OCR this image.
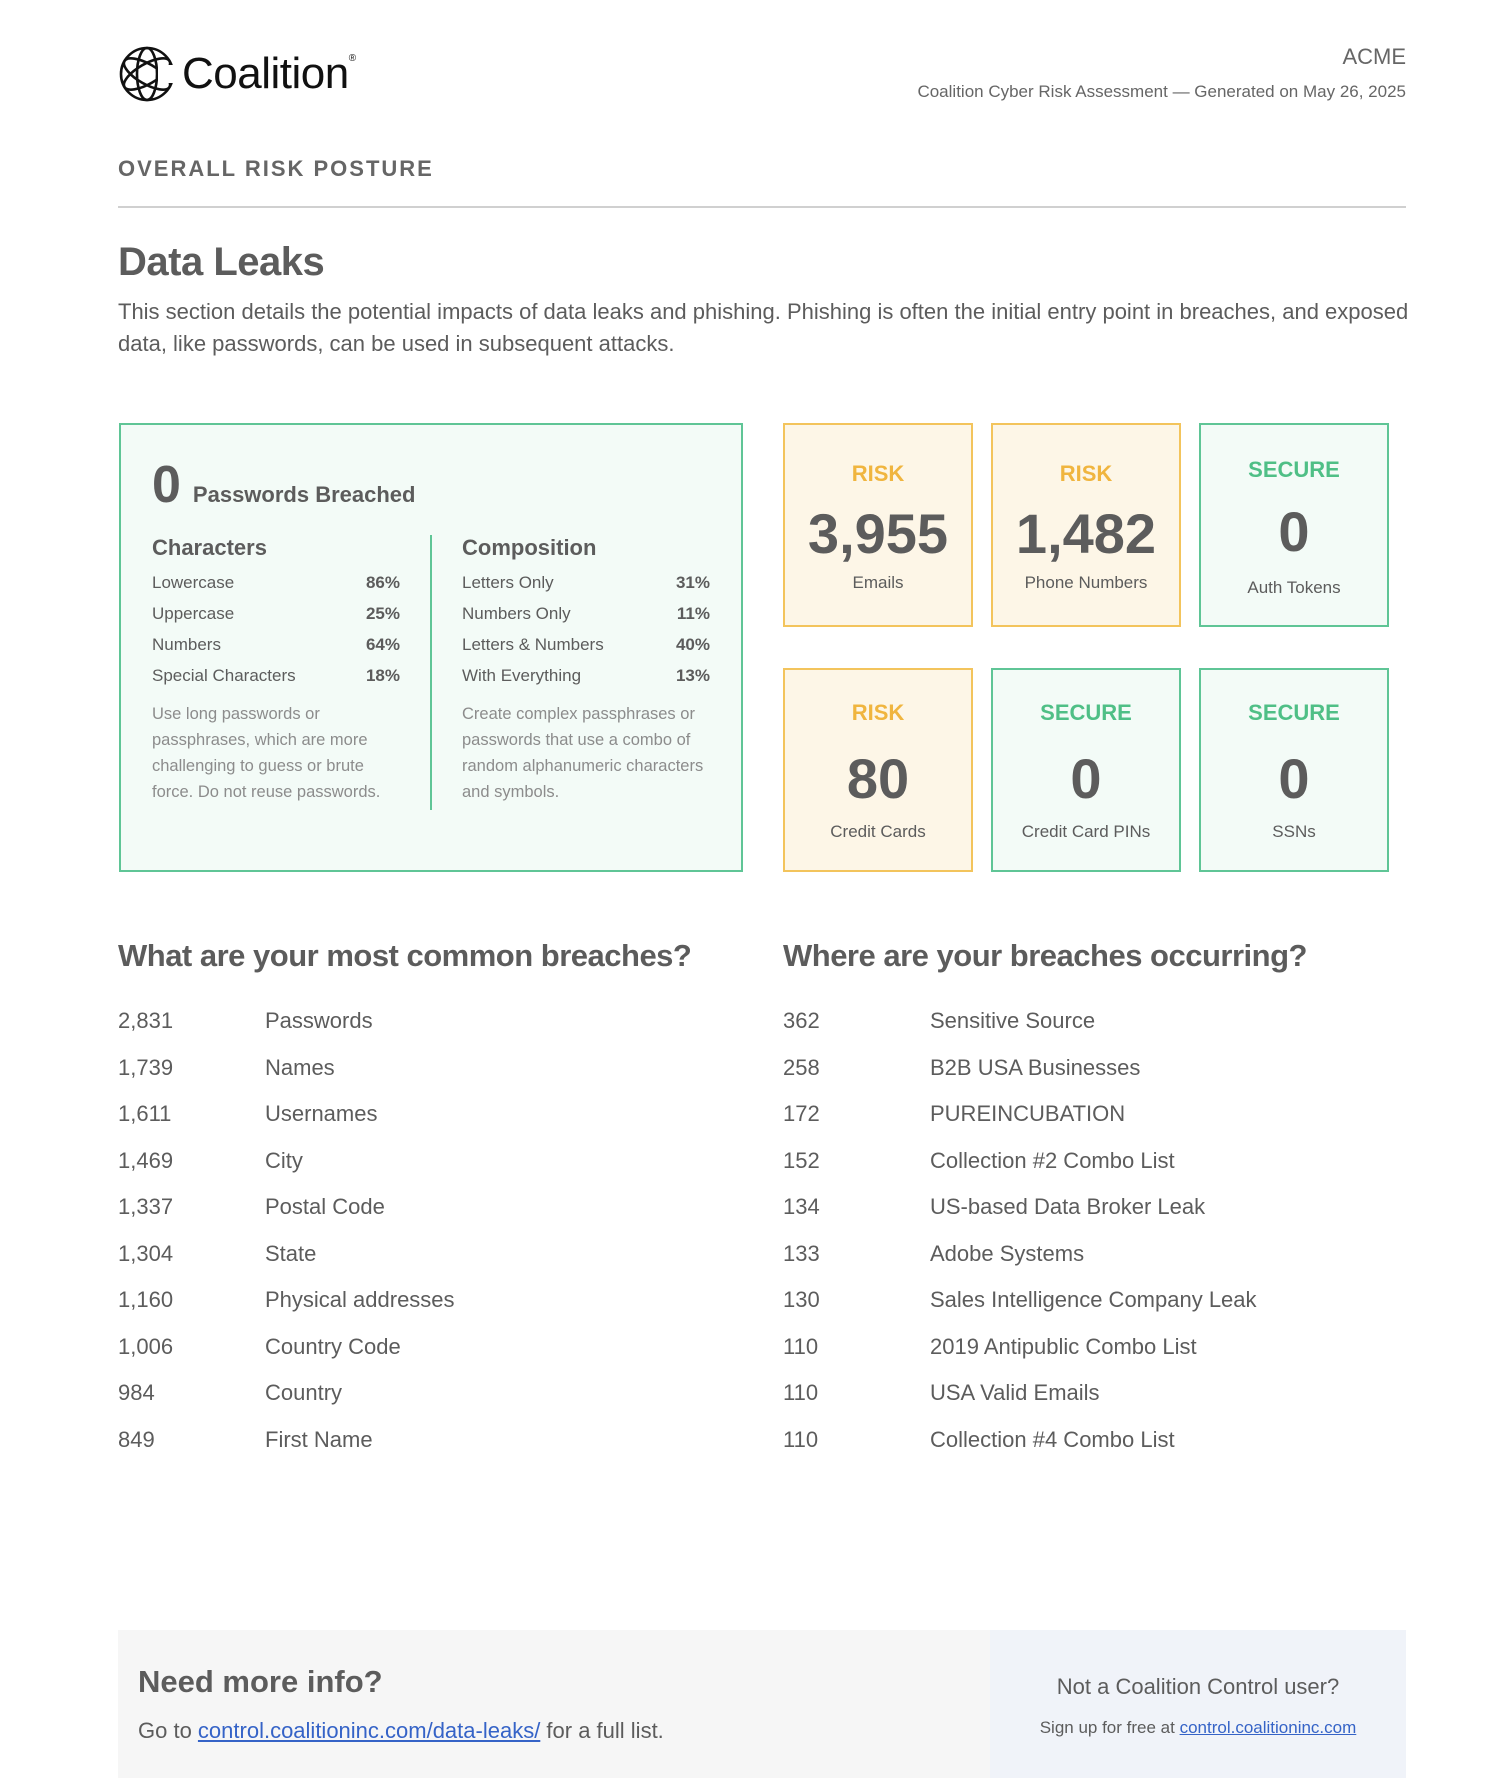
Coalition®	ACME
Coalition Cyber Risk Assessment — Generated on May 26, 2025
OVERALL RISK POSTURE
Data Leaks

This section details the potential impacts of data leaks and phishing. Phishing is often the initial entry point in breaches, and exposed data, like passwords, can be used in subsequent attacks.

0 Passwords Breached
Characters
Lowercase	86%
Uppercase	25%
Numbers	64%
Special Characters	18%

Use long passwords or passphrases, which are more challenging to guess or brute force. Do not reuse passwords.

Composition
Letters Only	31%
Numbers Only	11%
Letters & Numbers	40%
With Everything	13%

Create complex passphrases or passwords that use a combo of random alphanumeric characters and symbols.

RISK
3,955
Emails
RISK
1,482
Phone Numbers
SECURE
0
Auth Tokens
RISK
80
Credit Cards
SECURE
0
Credit Card PINs
SECURE
0
SSNs
What are your most common breaches?
2,831	Passwords
1,739	Names
1,611	Usernames
1,469	City
1,337	Postal Code
1,304	State
1,160	Physical addresses
1,006	Country Code
984	Country
849	First Name
Where are your breaches occurring?
362	Sensitive Source
258	B2B USA Businesses
172	PUREINCUBATION
152	Collection #2 Combo List
134	US-based Data Broker Leak
133	Adobe Systems
130	Sales Intelligence Company Leak
110	2019 Antipublic Combo List
110	USA Valid Emails
110	Collection #4 Combo List
Need more info?
Go to control.coalitioninc.com/data-leaks/ for a full list.
Not a Coalition Control user?
Sign up for free at control.coalitioninc.com
